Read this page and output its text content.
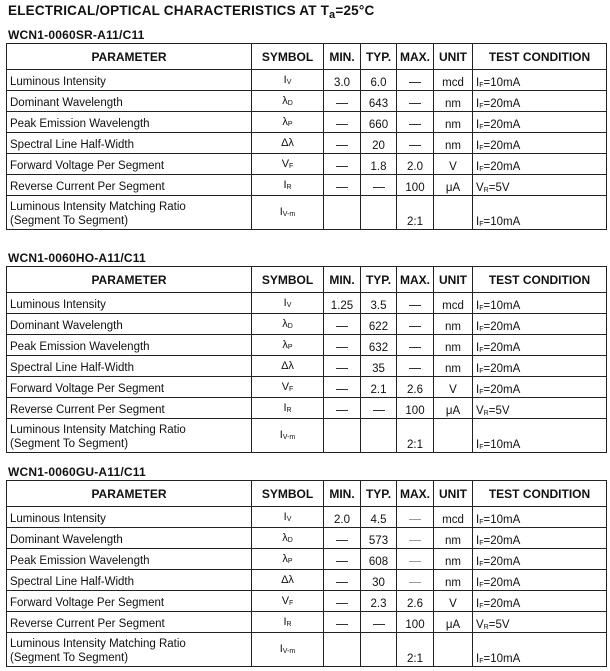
ELECTRICAL/OPTICAL CHARACTERISTICS AT $T_a=25^\circ C$
WCN1-0060SR-A11/C11
PARAMETER	SYMBOL	MIN.	TYP.	MAX.	UNIT	TEST CONDITION
Luminous Intensity	$I_V$	3.0	6.0		mcd	$I_F=10mA$
Dominant Wavelength	$\lambda_D$		643		nm	$I_F=20mA$
Peak Emission Wavelength	$\lambda_P$		660		nm	$I_F=20mA$
Spectral Line Half-Width	Δλ		20		nm	$I_F=20mA$
Forward Voltage Per Segment	$V_F$		1.8	2.0	V	$I_F=20mA$
Reverse Current Per Segment	$I_R$			100	μA	$V_R=5V$
Luminous Intensity Matching Ratio
(Segment To Segment)	$I_{V-m}$			2:1		$I_F=10mA$
WCN1-0060HO-A11/C11
PARAMETER	SYMBOL	MIN.	TYP.	MAX.	UNIT	TEST CONDITION
Luminous Intensity	$I_V$	1.25	3.5		mcd	$I_F=10mA$
Dominant Wavelength	$\lambda_D$		622		nm	$I_F=20mA$
Peak Emission Wavelength	$\lambda_P$		632		nm	$I_F=20mA$
Spectral Line Half-Width	Δλ		35		nm	$I_F=20mA$
Forward Voltage Per Segment	$V_F$		2.1	2.6	V	$I_F=20mA$
Reverse Current Per Segment	$I_R$			100	μA	$V_R=5V$
Luminous Intensity Matching Ratio
(Segment To Segment)	$I_{V-m}$			2:1		$I_F=10mA$
WCN1-0060GU-A11/C11
PARAMETER	SYMBOL	MIN.	TYP.	MAX.	UNIT	TEST CONDITION
Luminous Intensity	$I_V$	2.0	4.5		mcd	$I_F=10mA$
Dominant Wavelength	$\lambda_D$		573		nm	$I_F=20mA$
Peak Emission Wavelength	$\lambda_P$		608		nm	$I_F=20mA$
Spectral Line Half-Width	Δλ		30		nm	$I_F=20mA$
Forward Voltage Per Segment	$V_F$		2.3	2.6	V	$I_F=20mA$
Reverse Current Per Segment	$I_R$			100	μA	$V_R=5V$
Luminous Intensity Matching Ratio
(Segment To Segment)	$I_{V-m}$			2:1		$I_F=10mA$
